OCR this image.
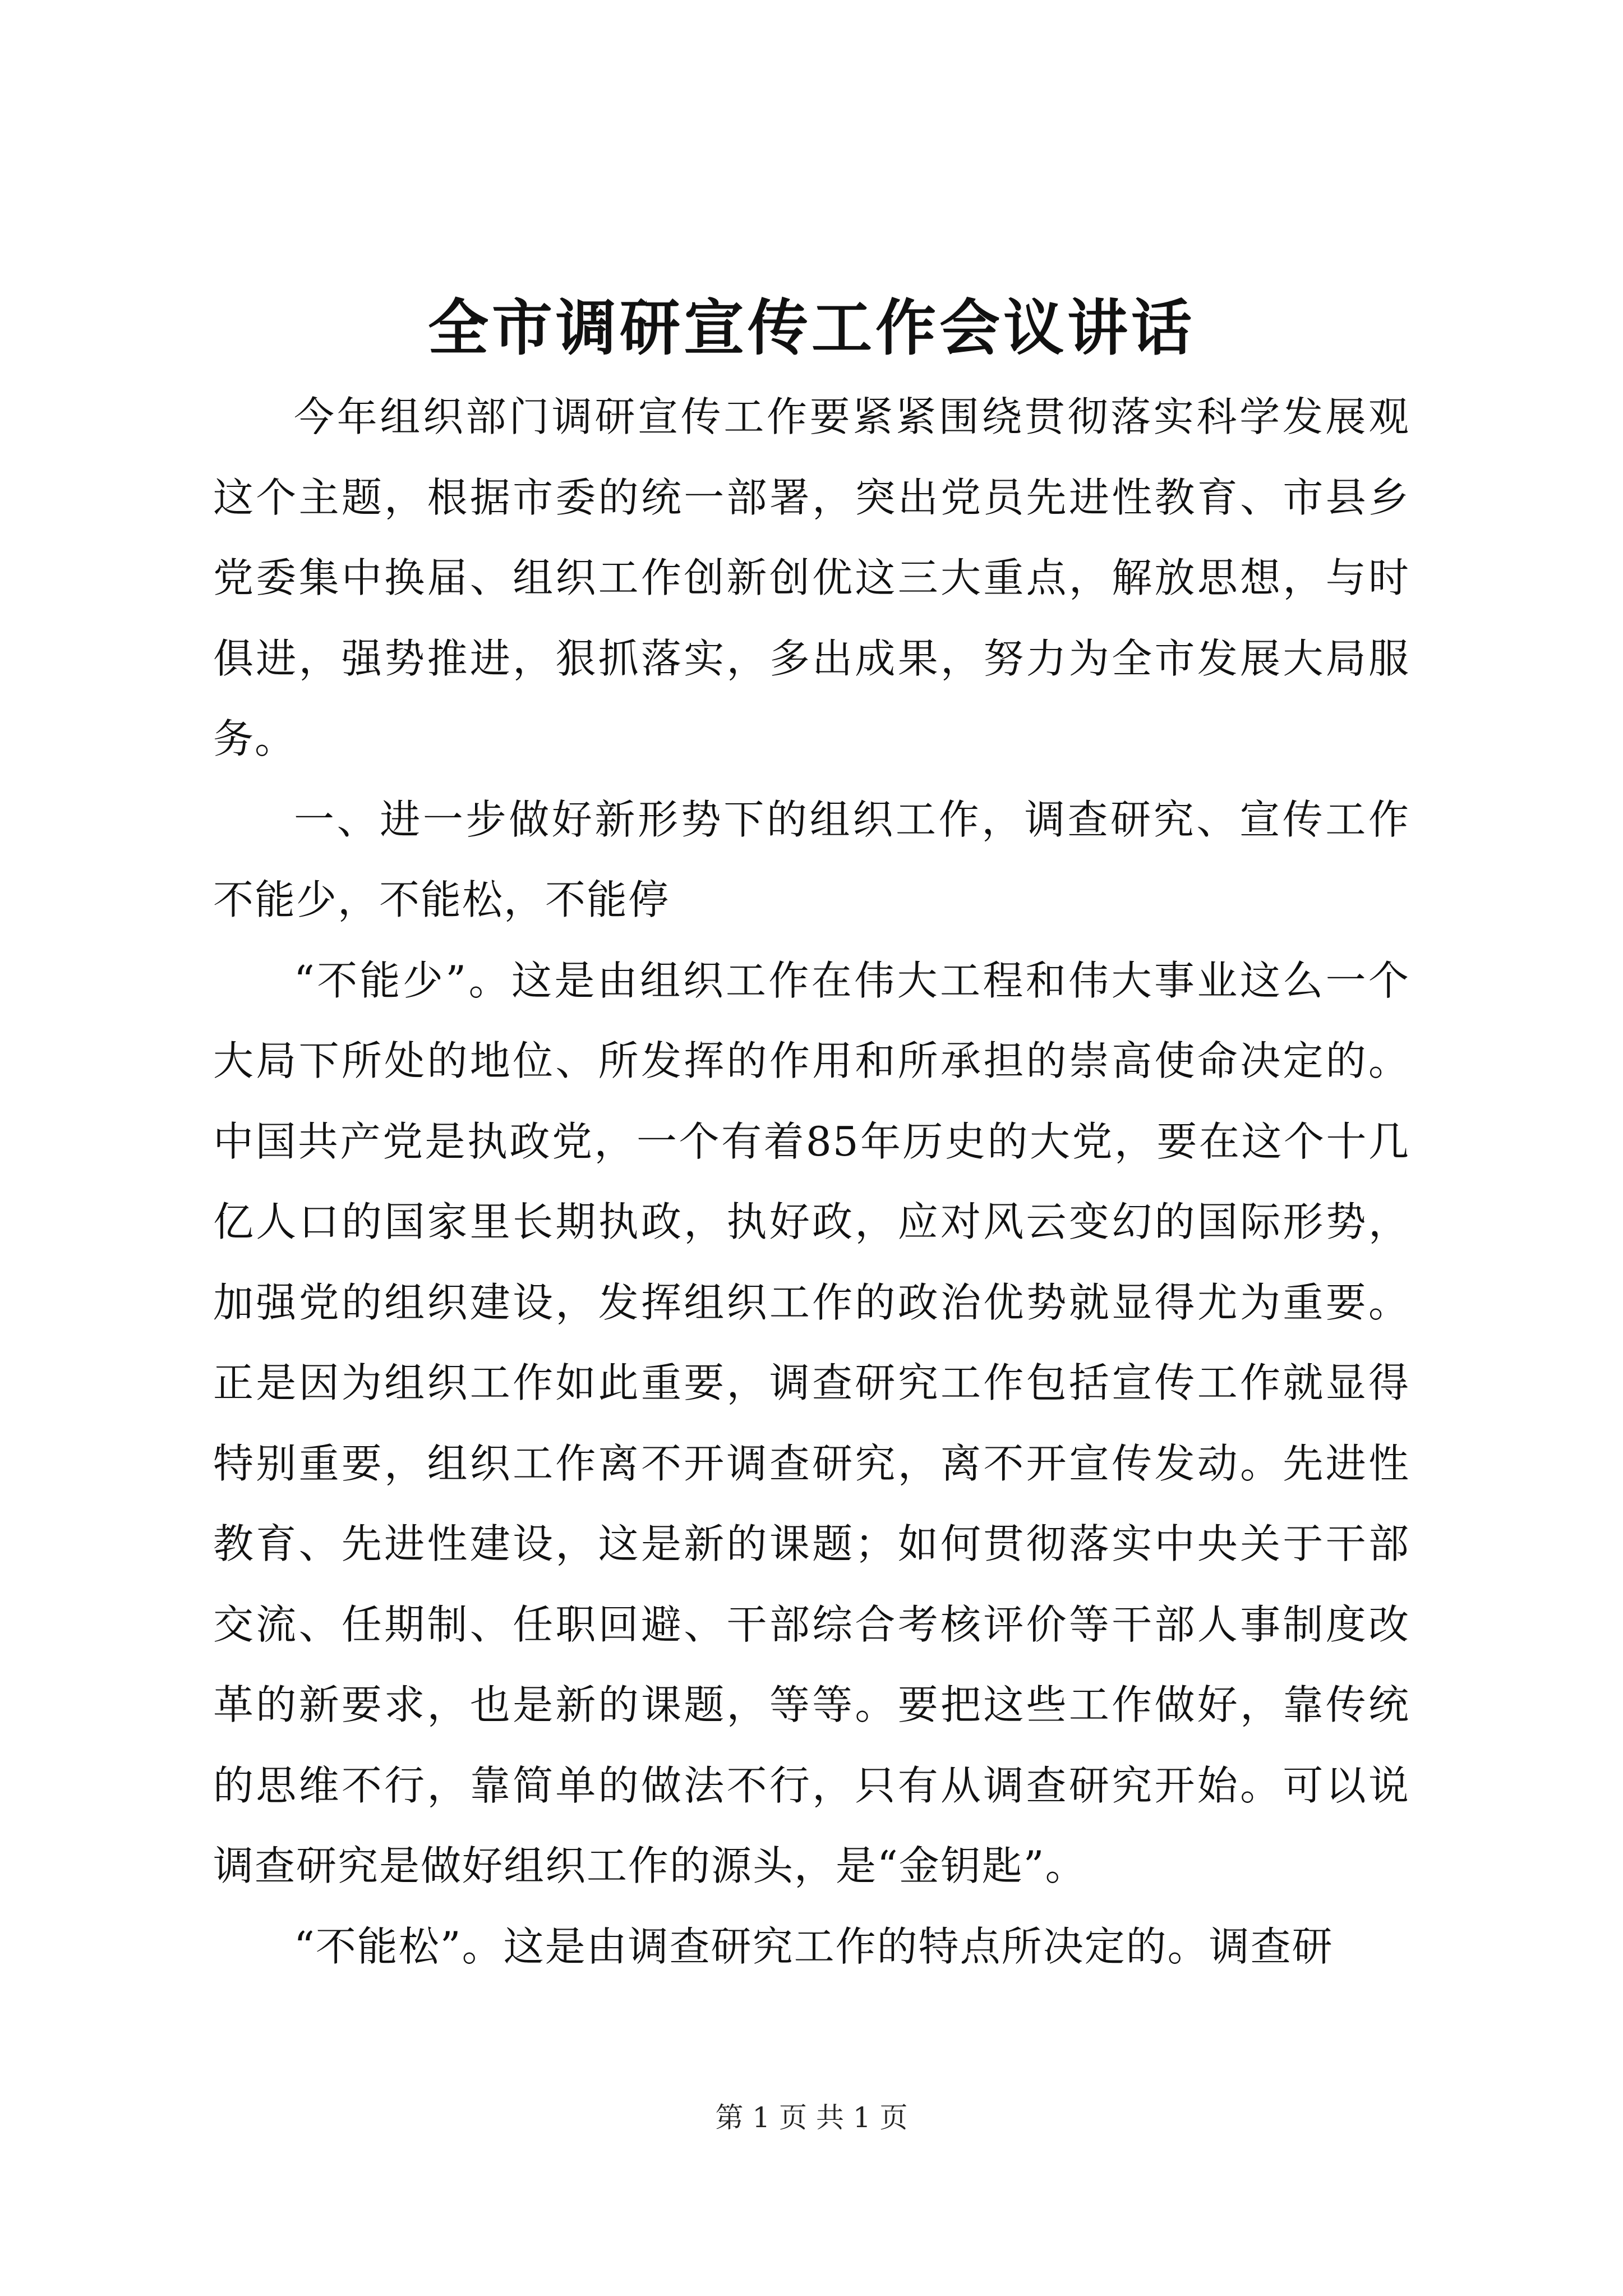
全市调研宣传工作会议讲话

今年组织部门调研宣传工作要紧紧围绕贯彻落实科学发展观这个主题，根据市委的统一部署，突出党员先进性教育、市县乡党委集中换届、组织工作创新创优这三大重点，解放思想，与时俱进，强势推进，狠抓落实，多出成果，努力为全市发展大局服务。

一、进一步做好新形势下的组织工作，调查研究、宣传工作不能少，不能松，不能停

“不能少”。这是由组织工作在伟大工程和伟大事业这么一个大局下所处的地位、所发挥的作用和所承担的崇高使命决定的。中国共产党是执政党，一个有着85年历史的大党，要在这个十几亿人口的国家里长期执政，执好政，应对风云变幻的国际形势，加强党的组织建设，发挥组织工作的政治优势就显得尤为重要。正是因为组织工作如此重要，调查研究工作包括宣传工作就显得特别重要，组织工作离不开调查研究，离不开宣传发动。先进性教育、先进性建设，这是新的课题；如何贯彻落实中央关于干部交流、任期制、任职回避、干部综合考核评价等干部人事制度改革的新要求，也是新的课题，等等。要把这些工作做好，靠传统的思维不行，靠简单的做法不行，只有从调查研究开始。可以说调查研究是做好组织工作的源头，是“金钥匙”。

“不能松”。这是由调查研究工作的特点所决定的。调查研

第 1 页 共 1 页
